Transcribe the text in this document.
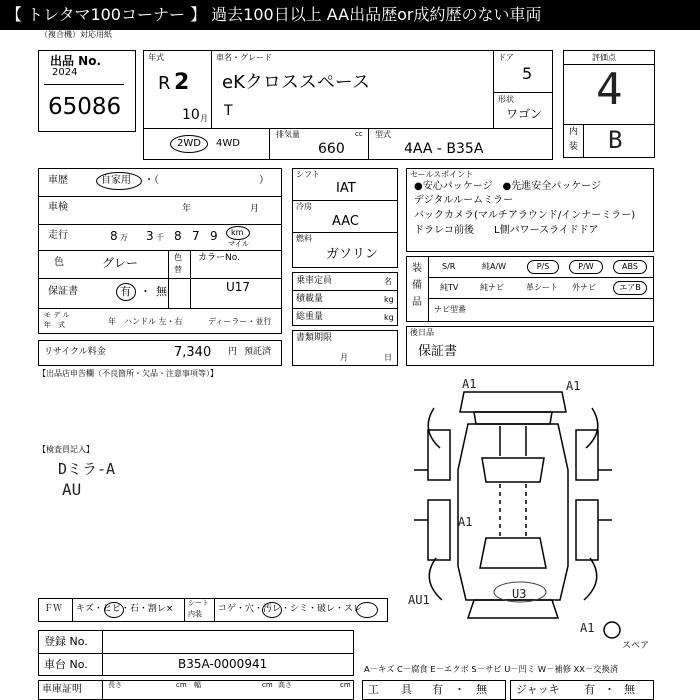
【 トレタマ100コーナー 】 過去100日以上 AA出品歴or成約歴のない車両
（複合機）対応用紙
出品 No.
2024
65086
年式
R 2
10 月
車名・グレード
eKクロススペース
T
ドア
5
形状
ワゴン
2WD 4WD
排気量	cc
660
型式
4AA - B35A
評価点
4
内
装 B
車歴	自家用 ・（　　　　　　　　　　）
車検	年	月
走行	8 万 3 千 8 7 9 km
マイル
色	グレー	色
替
カラーNo.
U17
保証書	有 ・ 無
モ デ ル
年　式	年 ハンドル 左・右	ディーラー・並行
リサイクル料金	7,340 円 預託済
シフト
IAT
冷房
AAC
燃料
ガソリン
乗車定員	名
積載量	kg
総重量	kg
書類期限
月	日
セールスポイント
●安心パッケージ　●先進安全パッケージ
デジタルルームミラー
バックカメラ(マルチアラウンド/インナーミラー)
ドラレコ前後　　L側パワースライドドア
装
備
品
S/R	純A/W	P/S	P/W	ABS
純TV	純ナビ	革シート 外ナビ	エアB
ナビ型番
後日品
保証書
【出品店申告欄（不良箇所・欠品・注意事項等）】
【検査員記入】
Dミラ-A
AU
A1	A1
A1
AU1	U3
A1
スペア
ＦＷ キズ・ヒビ・石・割レ×
シート
内装 コゲ・穴・汚レ・シミ・破レ・スレ
登録 No.
車台 No.	B35A-0000941
車庫証明	長さ	cm 幅	cm 高さ	cm
A－キズ C－腐食 E－エクボ S－サビ U－凹ミ W－補修 XX－交換済
工　　具 有 ・ 無	ジャッキ 有 ・ 無
